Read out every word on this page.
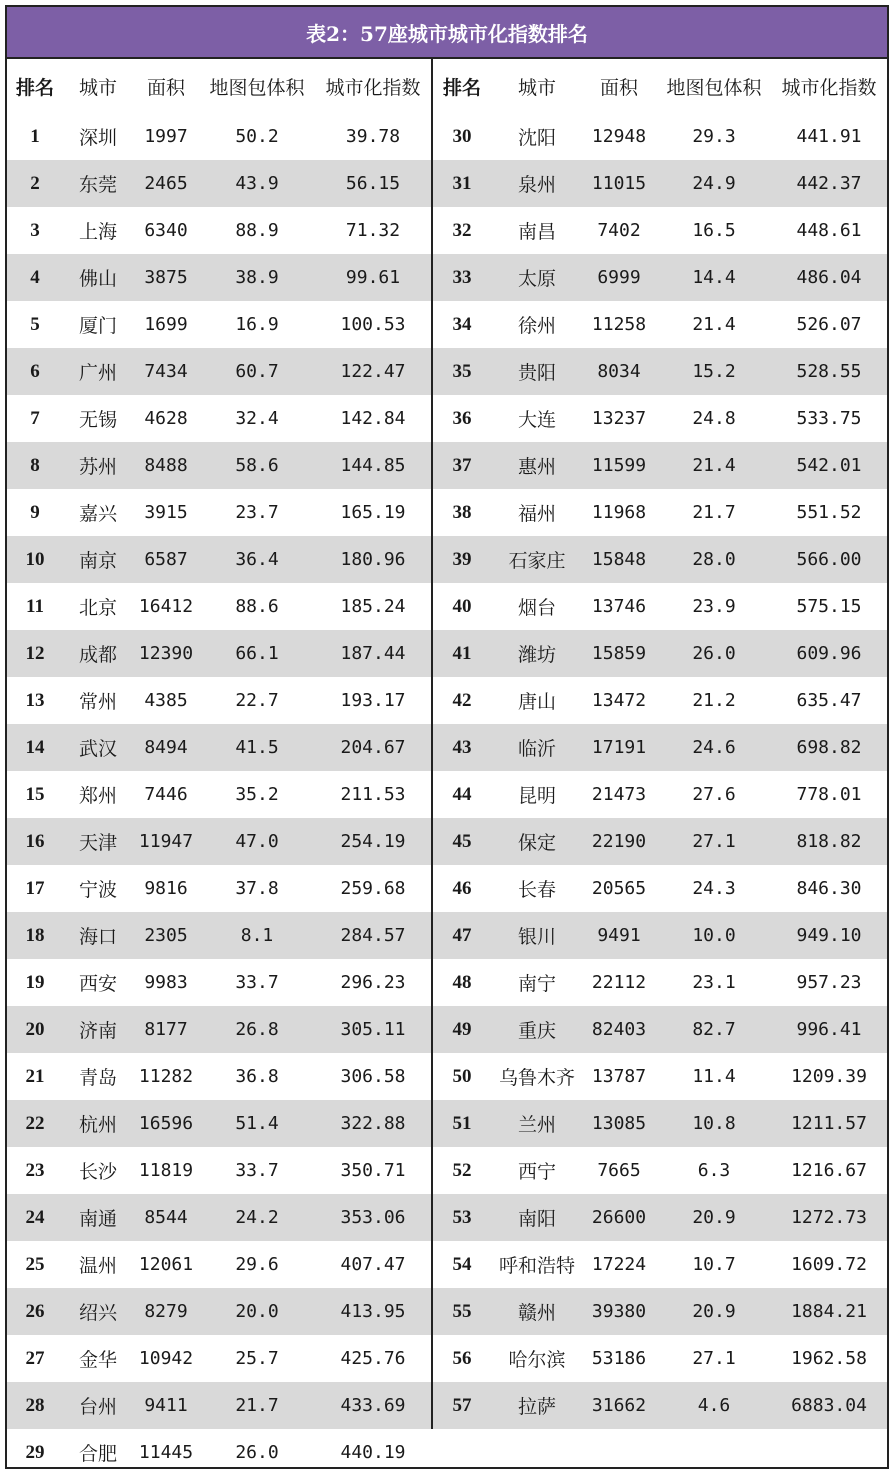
表2：57座城市城市化指数排名
排名	城市	面积	地图包体积	城市化指数
1	深圳	1997	50.2	39.78
2	东莞	2465	43.9	56.15
3	上海	6340	88.9	71.32
4	佛山	3875	38.9	99.61
5	厦门	1699	16.9	100.53
6	广州	7434	60.7	122.47
7	无锡	4628	32.4	142.84
8	苏州	8488	58.6	144.85
9	嘉兴	3915	23.7	165.19
10	南京	6587	36.4	180.96
11	北京	16412	88.6	185.24
12	成都	12390	66.1	187.44
13	常州	4385	22.7	193.17
14	武汉	8494	41.5	204.67
15	郑州	7446	35.2	211.53
16	天津	11947	47.0	254.19
17	宁波	9816	37.8	259.68
18	海口	2305	8.1	284.57
19	西安	9983	33.7	296.23
20	济南	8177	26.8	305.11
21	青岛	11282	36.8	306.58
22	杭州	16596	51.4	322.88
23	长沙	11819	33.7	350.71
24	南通	8544	24.2	353.06
25	温州	12061	29.6	407.47
26	绍兴	8279	20.0	413.95
27	金华	10942	25.7	425.76
28	台州	9411	21.7	433.69
29	合肥	11445	26.0	440.19
排名	城市	面积	地图包体积	城市化指数
30	沈阳	12948	29.3	441.91
31	泉州	11015	24.9	442.37
32	南昌	7402	16.5	448.61
33	太原	6999	14.4	486.04
34	徐州	11258	21.4	526.07
35	贵阳	8034	15.2	528.55
36	大连	13237	24.8	533.75
37	惠州	11599	21.4	542.01
38	福州	11968	21.7	551.52
39	石家庄	15848	28.0	566.00
40	烟台	13746	23.9	575.15
41	潍坊	15859	26.0	609.96
42	唐山	13472	21.2	635.47
43	临沂	17191	24.6	698.82
44	昆明	21473	27.6	778.01
45	保定	22190	27.1	818.82
46	长春	20565	24.3	846.30
47	银川	9491	10.0	949.10
48	南宁	22112	23.1	957.23
49	重庆	82403	82.7	996.41
50	乌鲁木齐 13787	11.4	1209.39
51	兰州	13085	10.8	1211.57
52	西宁	7665	6.3	1216.67
53	南阳	26600	20.9	1272.73
54	呼和浩特 17224	10.7	1609.72
55	赣州	39380	20.9	1884.21
56	哈尔滨	53186	27.1	1962.58
57	拉萨	31662	4.6	6883.04
